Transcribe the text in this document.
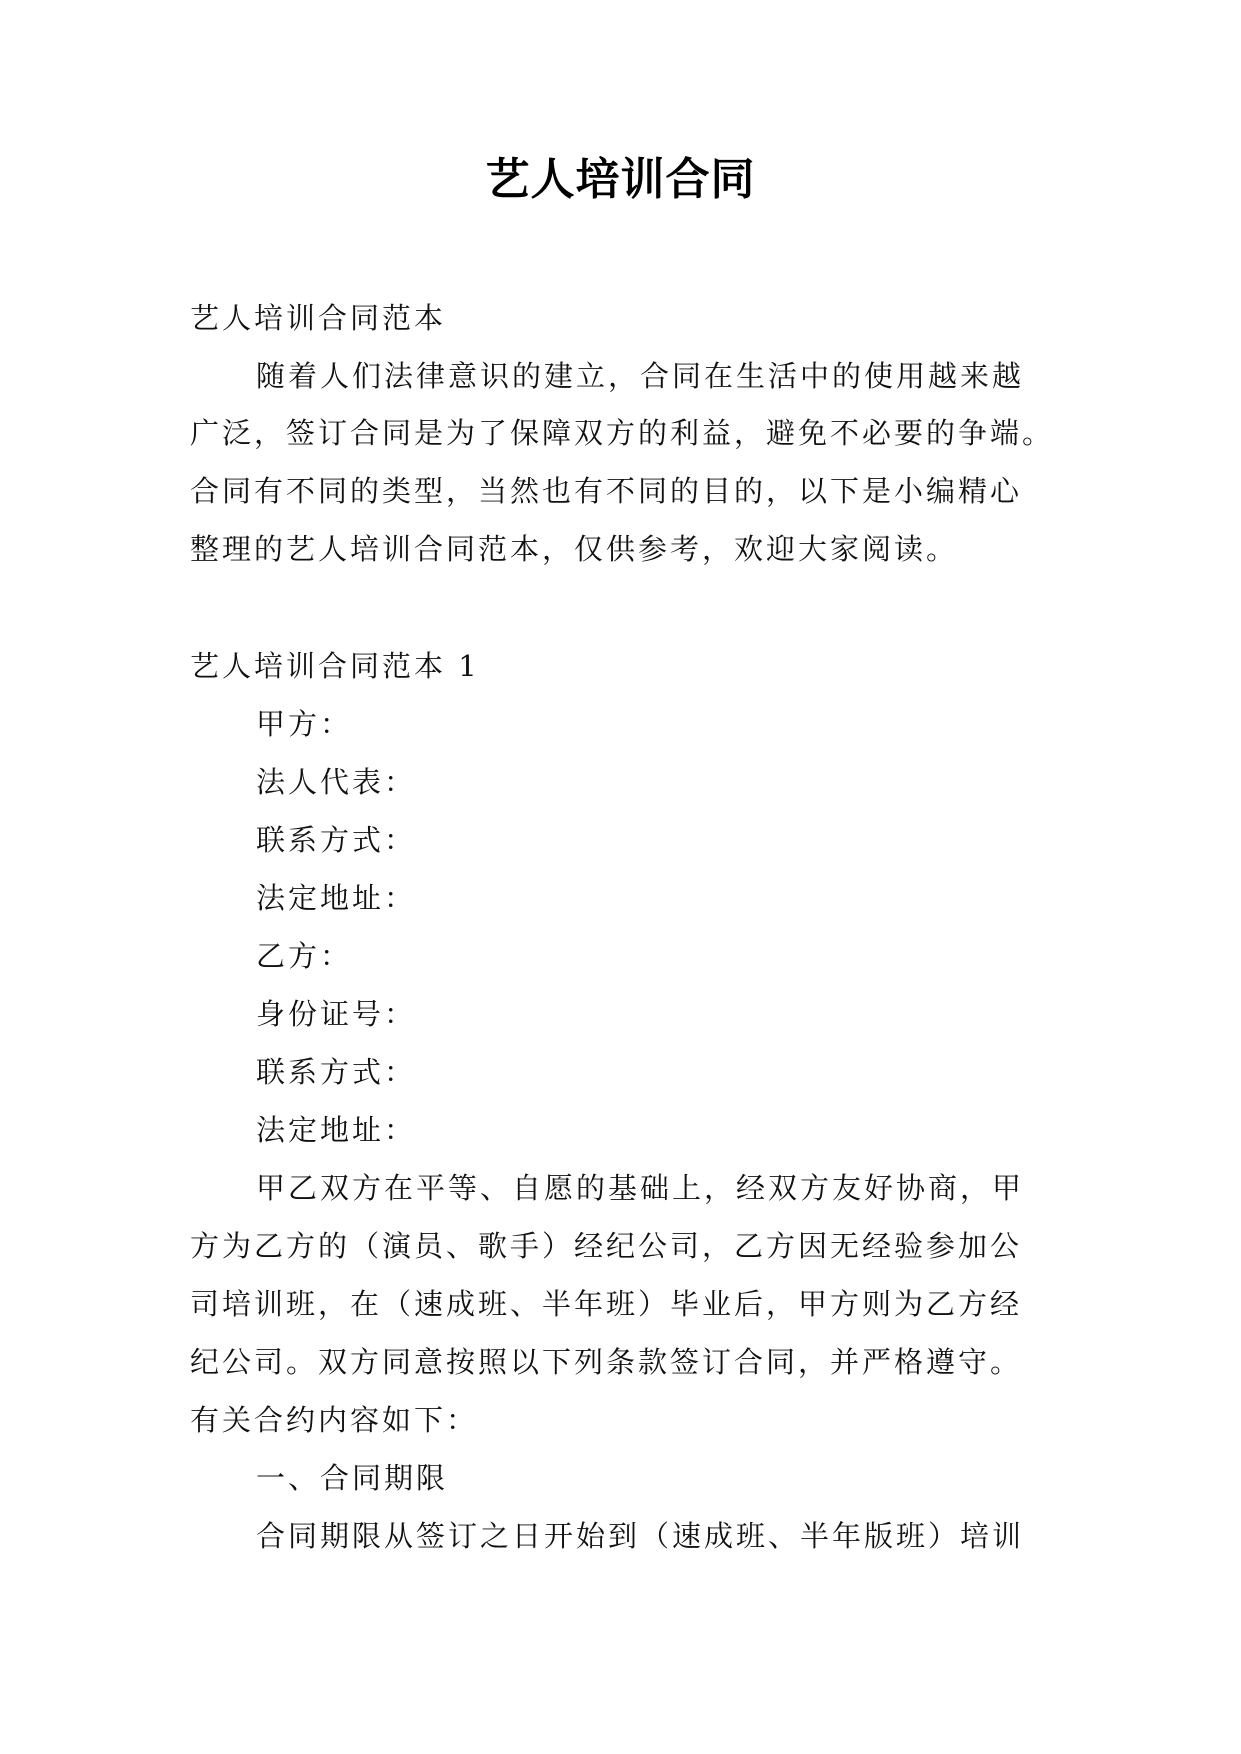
艺人培训合同
艺人培训合同范本
随着人们法律意识的建立，合同在生活中的使用越来越
广泛，签订合同是为了保障双方的利益，避免不必要的争端。
合同有不同的类型，当然也有不同的目的，以下是小编精心
整理的艺人培训合同范本，仅供参考，欢迎大家阅读。
艺人培训合同范本 1
甲方：
法人代表：
联系方式：
法定地址：
乙方：
身份证号：
联系方式：
法定地址：
甲乙双方在平等、自愿的基础上，经双方友好协商，甲
方为乙方的（演员、歌手）经纪公司，乙方因无经验参加公
司培训班，在（速成班、半年班）毕业后，甲方则为乙方经
纪公司。双方同意按照以下列条款签订合同，并严格遵守。
有关合约内容如下：
一、合同期限
合同期限从签订之日开始到（速成班、半年版班）培训
